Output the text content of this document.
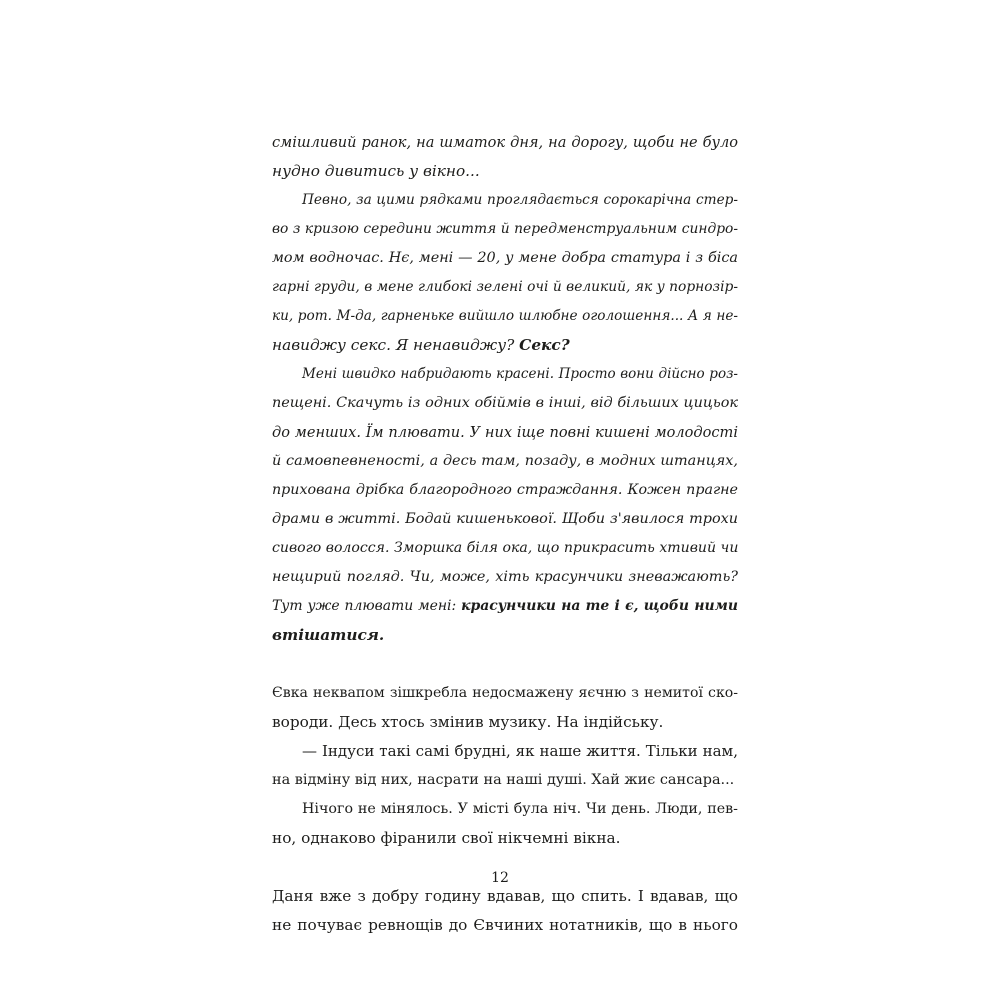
смішливий ранок, на шматок дня, на дорогу, щоби не було
нудно дивитись у вікно...
Певно, за цими рядками проглядається сорокарічна стер-
во з кризою середини життя й передменструальним синдро-
мом водночас. Нє, мені — 20, у мене добра статура і з біса
гарні груди, в мене глибокі зелені очі й великий, як у порнозір-
ки, рот. М-да, гарненьке вийшло шлюбне оголошення... А я не-
навиджу секс. Я ненавиджу? Секс?
Мені швидко набридають красені. Просто вони дійсно роз-
пещені. Скачуть із одних обіймів в інші, від більших цицьок
до менших. Їм плювати. У них іще повні кишені молодості
й самовпевненості, а десь там, позаду, в модних штанцях,
прихована дрібка благородного страждання. Кожен прагне
драми в житті. Бодай кишенькової. Щоби з'явилося трохи
сивого волосся. Зморшка біля ока, що прикрасить хтивий чи
нещирий погляд. Чи, може, хіть красунчики зневажають?
Тут уже плювати мені: красунчики на те і є, щоби ними
втішатися.
Євка неквапом зішкребла недосмажену яєчню з немитої ско-
вороди. Десь хтось змінив музику. На індійську.
— Індуси такі самі брудні, як наше життя. Тільки нам,
на відміну від них, насрати на наші душі. Хай жиє сансара...
Нічого не мінялось. У місті була ніч. Чи день. Люди, пев-
но, однаково фіранили свої нікчемні вікна.
Даня вже з добру годину вдавав, що спить. І вдавав, що
не почуває ревнощів до Євчиних нотатників, що в нього
12
